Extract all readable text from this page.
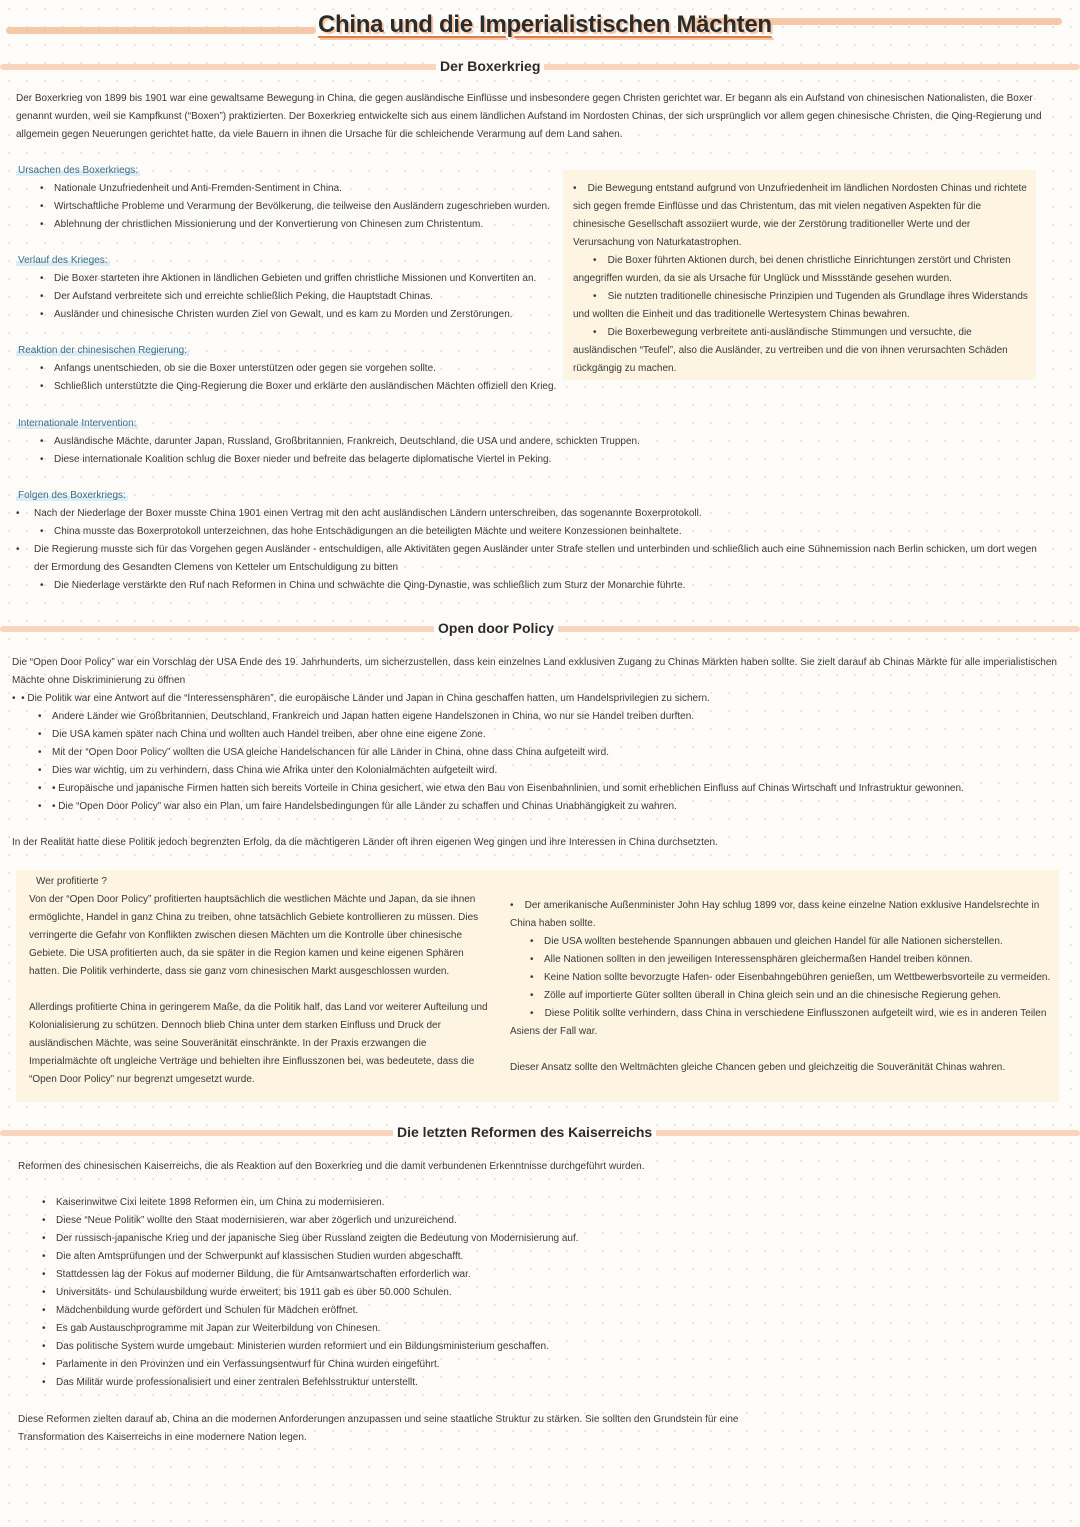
China und die Imperialistischen Mächten
Der Boxerkrieg
Der Boxerkrieg von 1899 bis 1901 war eine gewaltsame Bewegung in China, die gegen ausländische Einflüsse und insbesondere gegen Christen gerichtet war. Er begann als ein Aufstand von chinesischen Nationalisten, die Boxer genannt wurden, weil sie Kampfkunst (“Boxen”) praktizierten. Der Boxerkrieg entwickelte sich aus einem ländlichen Aufstand im Nordosten Chinas, der sich ursprünglich vor allem gegen chinesische Christen, die Qing-Regierung und allgemein gegen Neuerungen gerichtet hatte, da viele Bauern in ihnen die Ursache für die schleichende Verarmung auf dem Land sahen.
Ursachen des Boxerkriegs:
• Nationale Unzufriedenheit und Anti-Fremden-Sentiment in China.
• Wirtschaftliche Probleme und Verarmung der Bevölkerung, die teilweise den Ausländern zugeschrieben wurden.
• Ablehnung der christlichen Missionierung und der Konvertierung von Chinesen zum Christentum.
Verlauf des Krieges:
• Die Boxer starteten ihre Aktionen in ländlichen Gebieten und griffen christliche Missionen und Konvertiten an.
• Der Aufstand verbreitete sich und erreichte schließlich Peking, die Hauptstadt Chinas.
• Ausländer und chinesische Christen wurden Ziel von Gewalt, und es kam zu Morden und Zerstörungen.
Reaktion der chinesischen Regierung:
• Anfangs unentschieden, ob sie die Boxer unterstützen oder gegen sie vorgehen sollte.
• Schließlich unterstützte die Qing-Regierung die Boxer und erklärte den ausländischen Mächten offiziell den Krieg.
Internationale Intervention:
• Ausländische Mächte, darunter Japan, Russland, Großbritannien, Frankreich, Deutschland, die USA und andere, schickten Truppen.
• Diese internationale Koalition schlug die Boxer nieder und befreite das belagerte diplomatische Viertel in Peking.
Folgen des Boxerkriegs:
• Nach der Niederlage der Boxer musste China 1901 einen Vertrag mit den acht ausländischen Ländern unterschreiben, das sogenannte Boxerprotokoll.
• China musste das Boxerprotokoll unterzeichnen, das hohe Entschädigungen an die beteiligten Mächte und weitere Konzessionen beinhaltete.
• Die Regierung musste sich für das Vorgehen gegen Ausländer - entschuldigen, alle Aktivitäten gegen Ausländer unter Strafe stellen und unterbinden und schließlich auch eine Sühnemission nach Berlin schicken, um dort wegen der Ermordung des Gesandten Clemens von Ketteler um Entschuldigung zu bitten
• Die Niederlage verstärkte den Ruf nach Reformen in China und schwächte die Qing-Dynastie, was schließlich zum Sturz der Monarchie führte.
•    Die Bewegung entstand aufgrund von Unzufriedenheit im ländlichen Nordosten Chinas und richtete sich gegen fremde Einflüsse und das Christentum, das mit vielen negativen Aspekten für die chinesische Gesellschaft assoziiert wurde, wie der Zerstörung traditioneller Werte und der Verursachung von Naturkatastrophen.
•    Die Boxer führten Aktionen durch, bei denen christliche Einrichtungen zerstört und Christen angegriffen wurden, da sie als Ursache für Unglück und Missstände gesehen wurden.
•    Sie nutzten traditionelle chinesische Prinzipien und Tugenden als Grundlage ihres Widerstands und wollten die Einheit und das traditionelle Wertesystem Chinas bewahren.
•    Die Boxerbewegung verbreitete anti-ausländische Stimmungen und versuchte, die ausländischen “Teufel”, also die Ausländer, zu vertreiben und die von ihnen verursachten Schäden rückgängig zu machen.
Open door Policy
Die “Open Door Policy” war ein Vorschlag der USA Ende des 19. Jahrhunderts, um sicherzustellen, dass kein einzelnes Land exklusiven Zugang zu Chinas Märkten haben sollte. Sie zielt darauf ab Chinas Märkte für alle imperialistischen Mächte ohne Diskriminierung zu öffnen
•  • Die Politik war eine Antwort auf die “Interessensphären”, die europäische Länder und Japan in China geschaffen hatten, um Handelsprivilegien zu sichern.
• Andere Länder wie Großbritannien, Deutschland, Frankreich und Japan hatten eigene Handelszonen in China, wo nur sie Handel treiben durften.
• Die USA kamen später nach China und wollten auch Handel treiben, aber ohne eine eigene Zone.
• Mit der “Open Door Policy” wollten die USA gleiche Handelschancen für alle Länder in China, ohne dass China aufgeteilt wird.
• Dies war wichtig, um zu verhindern, dass China wie Afrika unter den Kolonialmächten aufgeteilt wird.
• • Europäische und japanische Firmen hatten sich bereits Vorteile in China gesichert, wie etwa den Bau von Eisenbahnlinien, und somit erheblichen Einfluss auf Chinas Wirtschaft und Infrastruktur gewonnen.
• • Die “Open Door Policy” war also ein Plan, um faire Handelsbedingungen für alle Länder zu schaffen und Chinas Unabhängigkeit zu wahren.
In der Realität hatte diese Politik jedoch begrenzten Erfolg, da die mächtigeren Länder oft ihren eigenen Weg gingen und ihre Interessen in China durchsetzten.
Wer profitierte ?
Von der “Open Door Policy” profitierten hauptsächlich die westlichen Mächte und Japan, da sie ihnen ermöglichte, Handel in ganz China zu treiben, ohne tatsächlich Gebiete kontrollieren zu müssen. Dies verringerte die Gefahr von Konflikten zwischen diesen Mächten um die Kontrolle über chinesische Gebiete. Die USA profitierten auch, da sie später in die Region kamen und keine eigenen Sphären hatten. Die Politik verhinderte, dass sie ganz vom chinesischen Markt ausgeschlossen wurden.
Allerdings profitierte China in geringerem Maße, da die Politik half, das Land vor weiterer Aufteilung und Kolonialisierung zu schützen. Dennoch blieb China unter dem starken Einfluss und Druck der ausländischen Mächte, was seine Souveränität einschränkte. In der Praxis erzwangen die Imperialmächte oft ungleiche Verträge und behielten ihre Einflusszonen bei, was bedeutete, dass die “Open Door Policy” nur begrenzt umgesetzt wurde.
•    Der amerikanische Außenminister John Hay schlug 1899 vor, dass keine einzelne Nation exklusive Handelsrechte in China haben sollte.
• Die USA wollten bestehende Spannungen abbauen und gleichen Handel für alle Nationen sicherstellen.
• Alle Nationen sollten in den jeweiligen Interessensphären gleichermaßen Handel treiben können.
• Keine Nation sollte bevorzugte Hafen- oder Eisenbahngebühren genießen, um Wettbewerbsvorteile zu vermeiden.
• Zölle auf importierte Güter sollten überall in China gleich sein und an die chinesische Regierung gehen.
•    Diese Politik sollte verhindern, dass China in verschiedene Einflusszonen aufgeteilt wird, wie es in anderen Teilen Asiens der Fall war.
Dieser Ansatz sollte den Weltmächten gleiche Chancen geben und gleichzeitig die Souveränität Chinas wahren.
Die letzten Reformen des Kaiserreichs
Reformen des chinesischen Kaiserreichs, die als Reaktion auf den Boxerkrieg und die damit verbundenen Erkenntnisse durchgeführt wurden.
• Kaiserinwitwe Cixi leitete 1898 Reformen ein, um China zu modernisieren.
• Diese “Neue Politik” wollte den Staat modernisieren, war aber zögerlich und unzureichend.
• Der russisch-japanische Krieg und der japanische Sieg über Russland zeigten die Bedeutung von Modernisierung auf.
• Die alten Amtsprüfungen und der Schwerpunkt auf klassischen Studien wurden abgeschafft.
• Stattdessen lag der Fokus auf moderner Bildung, die für Amtsanwartschaften erforderlich war.
• Universitäts- und Schulausbildung wurde erweitert; bis 1911 gab es über 50.000 Schulen.
• Mädchenbildung wurde gefördert und Schulen für Mädchen eröffnet.
• Es gab Austauschprogramme mit Japan zur Weiterbildung von Chinesen.
• Das politische System wurde umgebaut: Ministerien wurden reformiert und ein Bildungsministerium geschaffen.
• Parlamente in den Provinzen und ein Verfassungsentwurf für China wurden eingeführt.
• Das Militär wurde professionalisiert und einer zentralen Befehlsstruktur unterstellt.
Diese Reformen zielten darauf ab, China an die modernen Anforderungen anzupassen und seine staatliche Struktur zu stärken. Sie sollten den Grundstein für eine Transformation des Kaiserreichs in eine modernere Nation legen.
